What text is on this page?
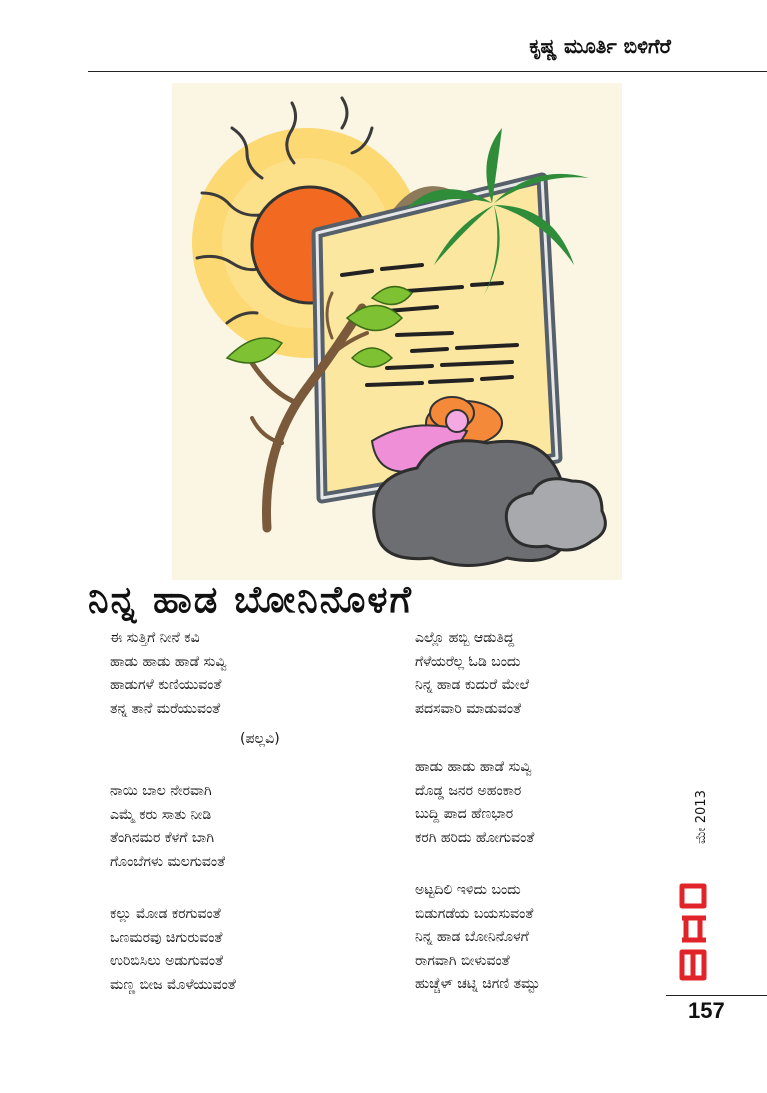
ಕೃಷ್ಣ ಮೂರ್ತಿ ಬಿಳಿಗೆರೆ
ನಿನ್ನ ಹಾಡ ಬೋನಿನೊಳಗೆ
ಈ ಸುತ್ತಿಗೆ ನೀನೆ ಕವಿ
ಹಾಡು ಹಾಡು ಹಾಡೆ ಸುವ್ವಿ
ಹಾಡುಗಳೆ ಕುಣಿಯುವಂತೆ
ತನ್ನ ತಾನೆ ಮರೆಯುವಂತೆ
(ಪಲ್ಲವಿ)
ನಾಯಿ ಬಾಲ ನೇರವಾಗಿ
ಎಮ್ಮೆ ಕರು ಸಾತು ನೀಡಿ
ತೆಂಗಿನಮರ ಕೆಳಗೆ ಬಾಗಿ
ಗೊಂಬೆಗಳು ಮಲಗುವಂತೆ
ಕಲ್ಲು ಮೋಡ ಕರಗುವಂತೆ
ಒಣಮರವು ಚಿಗುರುವಂತೆ
ಉರಿಬಿಸಿಲು ಅಡುಗುವಂತೆ
ಮಣ್ಣ ಬೀಜ ಮೊಳೆಯುವಂತೆ
ಎಲ್ಲೊ ಹಬ್ಬಿ ಆಡುತಿದ್ದ
ಗೆಳೆಯರೆಲ್ಲ ಓಡಿ ಬಂದು
ನಿನ್ನ ಹಾಡ ಕುದುರೆ ಮೇಲೆ
ಪದಸವಾರಿ ಮಾಡುವಂತೆ
ಹಾಡು ಹಾಡು ಹಾಡೆ ಸುವ್ವಿ
ದೊಡ್ಡ ಜನರ ಅಹಂಕಾರ
ಬುದ್ದಿ ಪಾದ ಹೆಣಭಾರ
ಕರಗಿ ಹರಿದು ಹೋಗುವಂತೆ
ಅಟ್ಟದಿಲಿ ಇಳಿದು ಬಂದು
ಬಿಡುಗಡೆಯ ಬಯಸುವಂತೆ
ನಿನ್ನ ಹಾಡ ಬೋನಿನೊಳಗೆ
ರಾಗವಾಗಿ ಬೀಳುವಂತೆ
ಹುಚ್ಚೆಳ್ ಚಟ್ನಿ ಚಿಗಣಿ ತಮ್ಟು
ಮೇ 2013
157
